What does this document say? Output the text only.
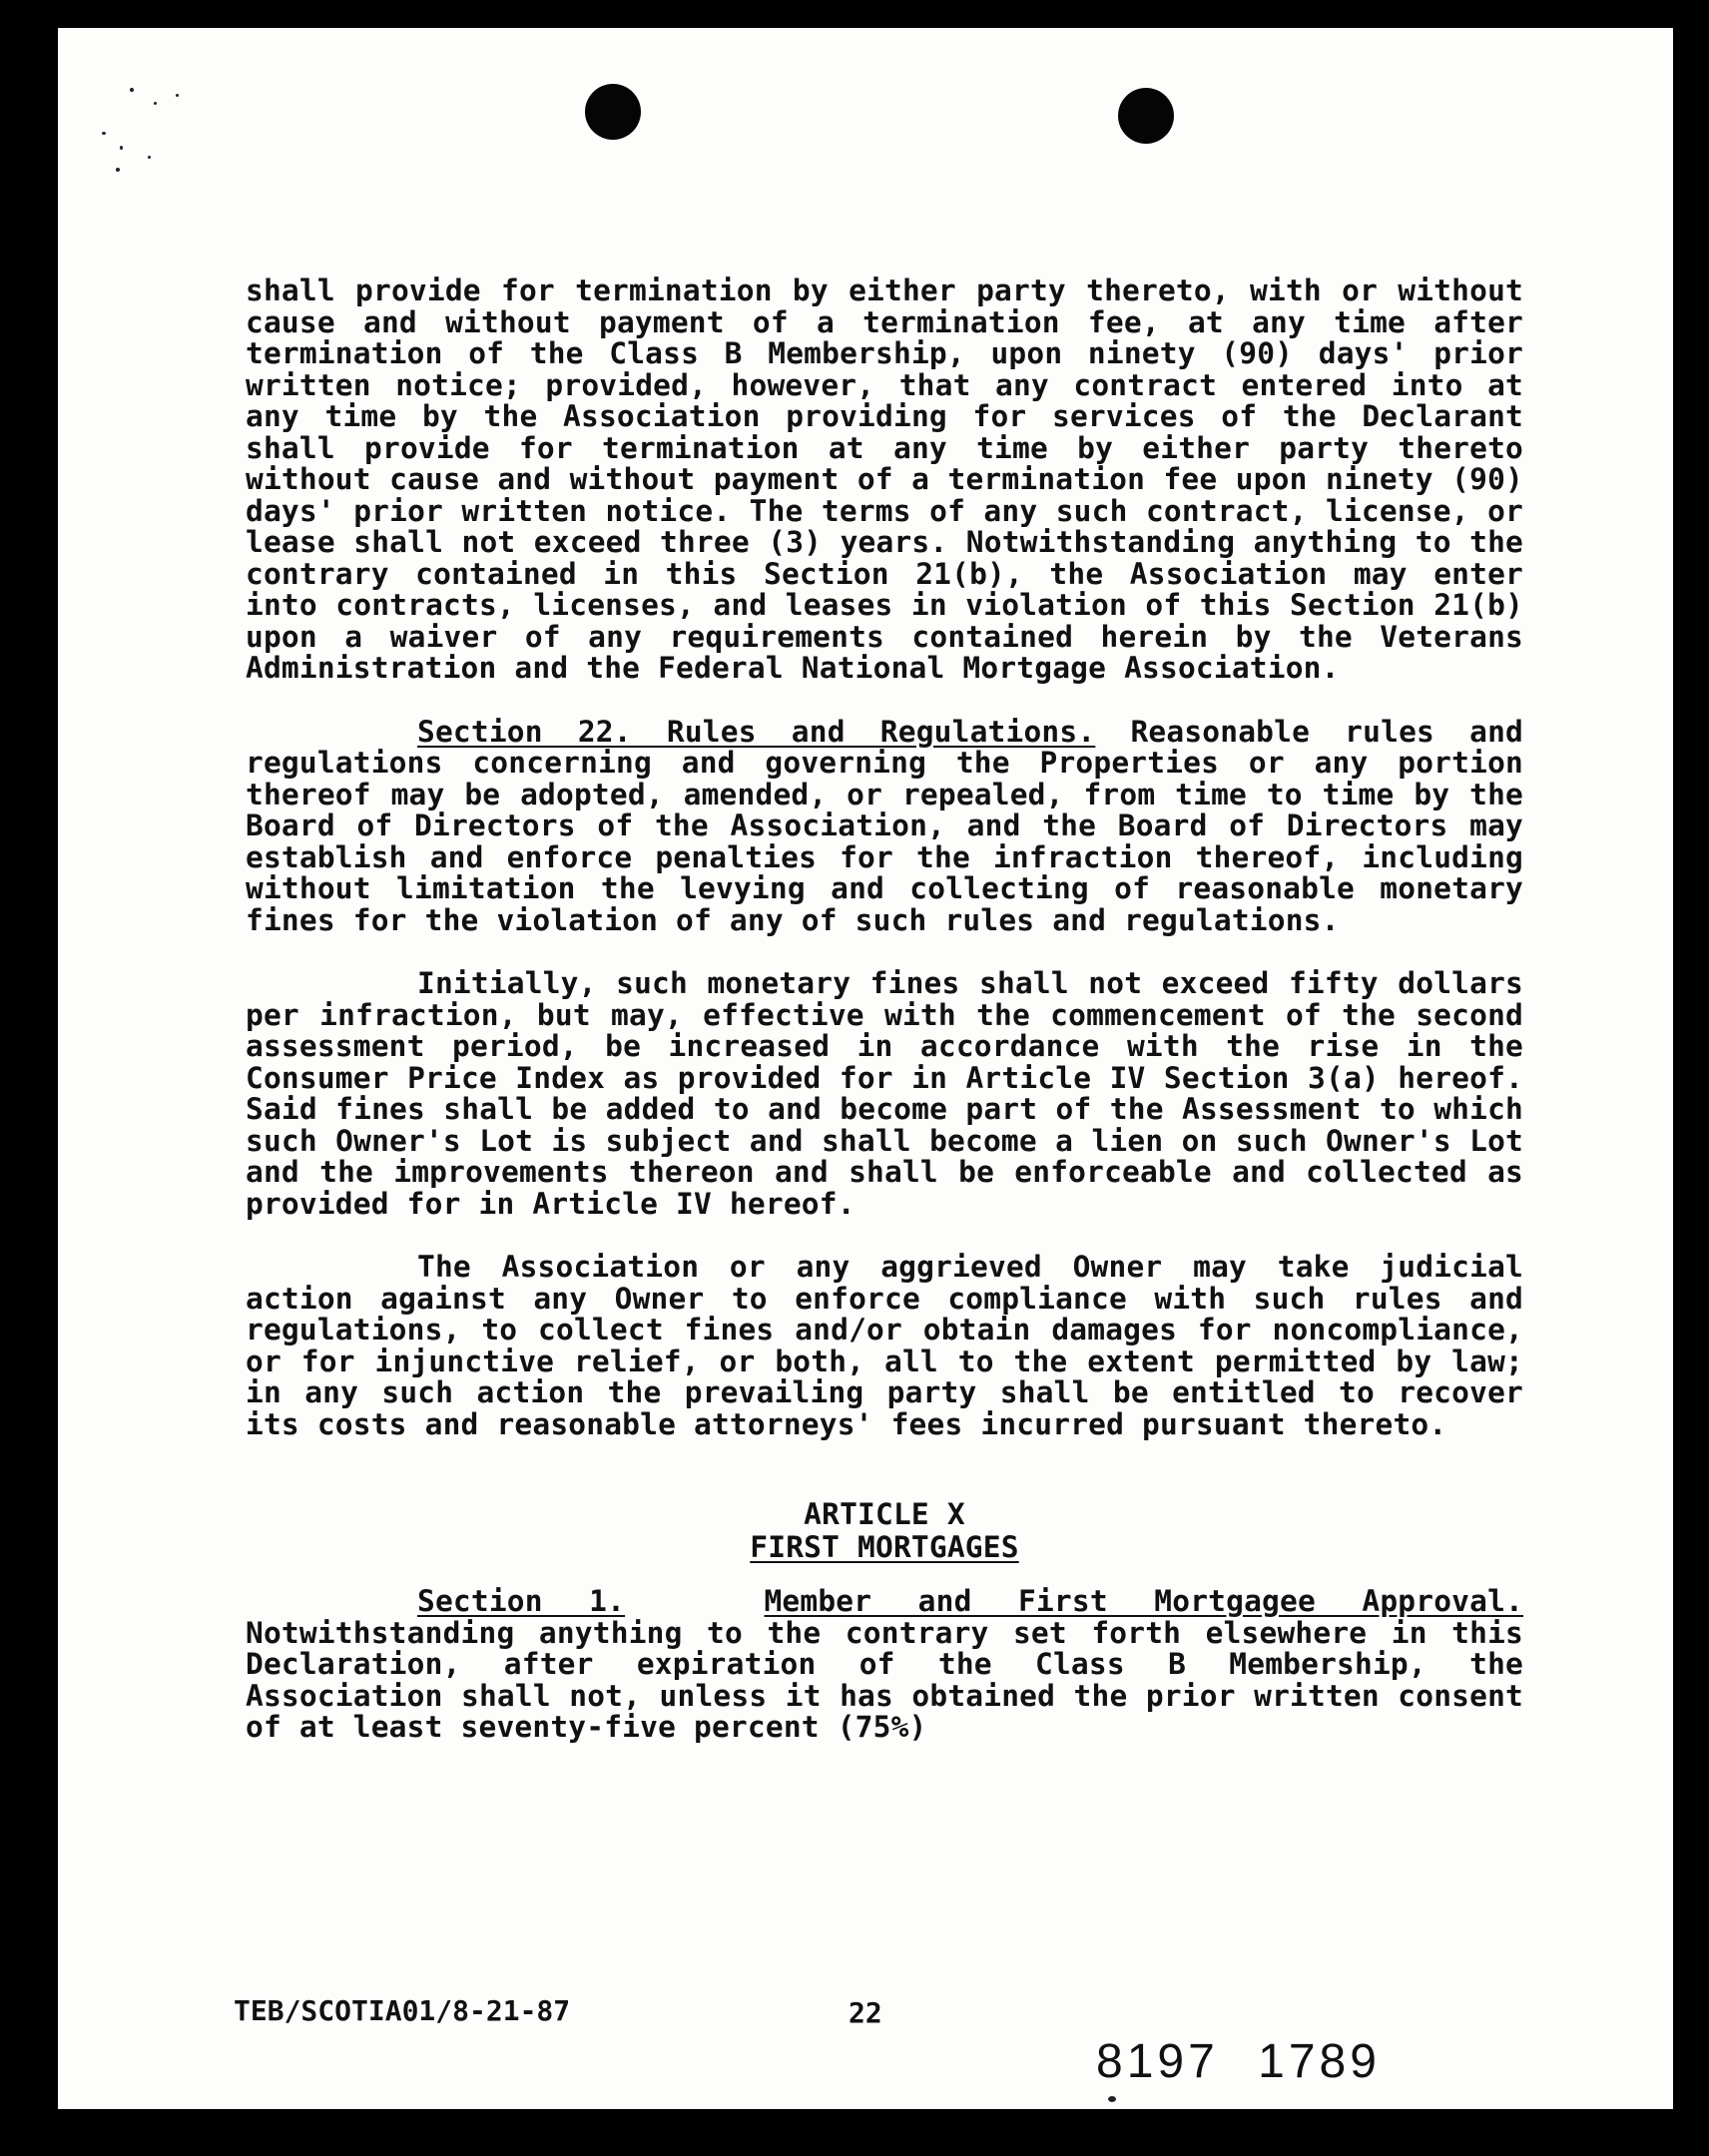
shall provide for termination by either party thereto, with or without cause and without payment of a termination fee, at any time after termination of the Class B Membership, upon ninety (90) days' prior written notice; provided, however, that any contract entered into at any time by the Association providing for services of the Declarant shall provide for termination at any time by either party thereto without cause and without payment of a termination fee upon ninety (90) days' prior written notice. The terms of any such contract, license, or lease shall not exceed three (3) years. Notwithstanding anything to the contrary contained in this Section 21(b), the Association may enter into contracts, licenses, and leases in violation of this Section 21(b) upon a waiver of any requirements contained herein by the Veterans Administration and the Federal National Mortgage Association.

Section 22. Rules and Regulations. Reasonable rules and regulations concerning and governing the Properties or any portion thereof may be adopted, amended, or repealed, from time to time by the Board of Directors of the Association, and the Board of Directors may establish and enforce penalties for the infraction thereof, including without limitation the levying and collecting of reasonable monetary fines for the violation of any of such rules and regulations.

Initially, such monetary fines shall not exceed fifty dollars per infraction, but may, effective with the commencement of the second assessment period, be increased in accordance with the rise in the Consumer Price Index as provided for in Article IV Section 3(a) hereof. Said fines shall be added to and become part of the Assessment to which such Owner's Lot is subject and shall become a lien on such Owner's Lot and the improvements thereon and shall be enforceable and collected as provided for in Article IV hereof.

The Association or any aggrieved Owner may take judicial action against any Owner to enforce compliance with such rules and regulations, to collect fines and/or obtain damages for noncompliance, or for injunctive relief, or both, all to the extent permitted by law; in any such action the prevailing party shall be entitled to recover its costs and reasonable attorneys' fees incurred pursuant thereto.

ARTICLE X
FIRST MORTGAGES

Section 1.	Member and First Mortgagee Approval. Notwithstanding anything to the contrary set forth elsewhere in this Declaration, after expiration of the Class B Membership, the Association shall not, unless it has obtained the prior written consent of at least seventy-five percent (75%)

TEB/SCOTIA01/8-21-87	22
8197 1789
